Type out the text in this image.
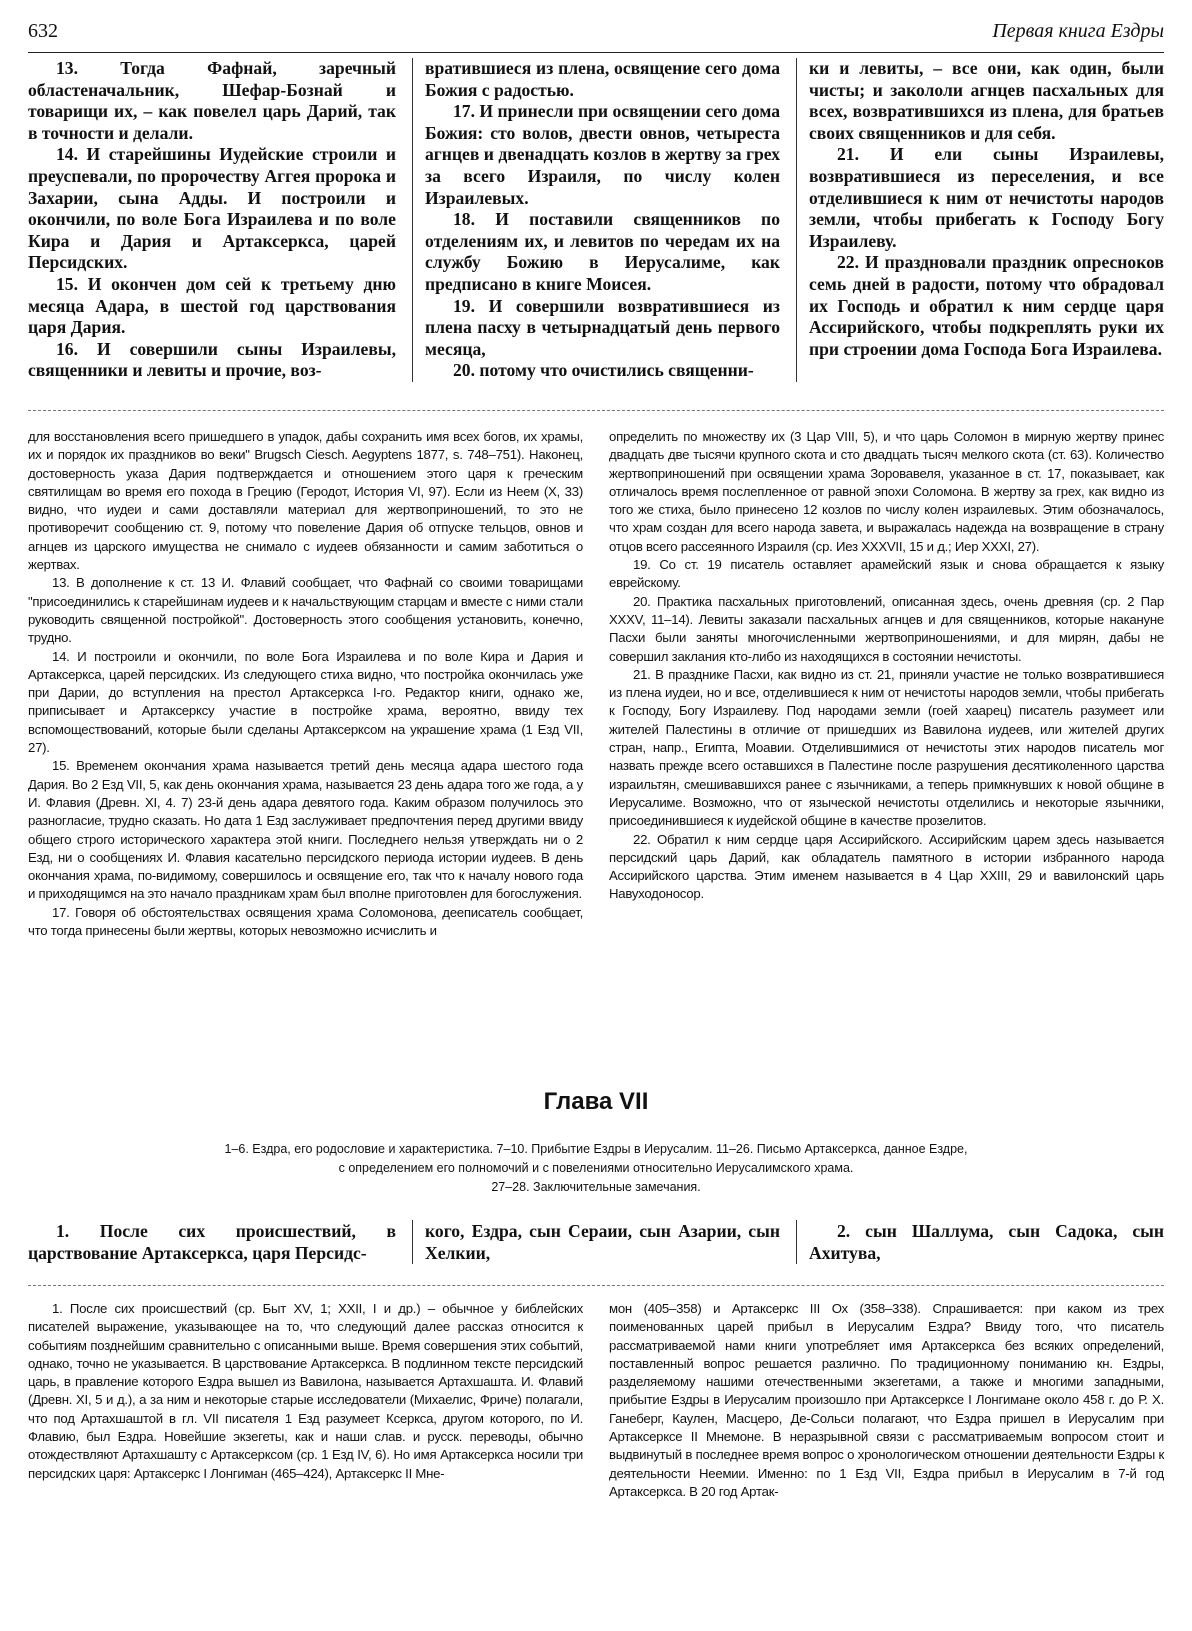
632	Первая книга Ездры

13. Тогда Фафнай, заречный областеначальник, Шефар-Бознай и товарищи их, – как повелел царь Дарий, так в точности и делали.

14. И старейшины Иудейские строили и преуспевали, по пророчеству Аггея пророка и Захарии, сына Адды. И построили и окончили, по воле Бога Израилева и по воле Кира и Дария и Артаксеркса, царей Персидских.

15. И окончен дом сей к третьему дню месяца Адара, в шестой год царствования царя Дария.

16. И совершили сыны Израилевы, священники и левиты и прочие, воз-

вратившиеся из плена, освящение сего дома Божия с радостью.

17. И принесли при освящении сего дома Божия: сто волов, двести овнов, четыреста агнцев и двенадцать козлов в жертву за грех за всего Израиля, по числу колен Израилевых.

18. И поставили священников по отделениям их, и левитов по чередам их на службу Божию в Иерусалиме, как предписано в книге Моисея.

19. И совершили возвратившиеся из плена пасху в четырнадцатый день первого месяца,

20. потому что очистились священни-

ки и левиты, – все они, как один, были чисты; и закололи агнцев пасхальных для всех, возвратившихся из плена, для братьев своих священников и для себя.

21. И ели сыны Израилевы, возвратившиеся из переселения, и все отделившиеся к ним от нечистоты народов земли, чтобы прибегать к Господу Богу Израилеву.

22. И праздновали праздник опресноков семь дней в радости, потому что обрадовал их Господь и обратил к ним сердце царя Ассирийского, чтобы подкреплять руки их при строении дома Господа Бога Израилева.

для восстановления всего пришедшего в упадок, дабы сохранить имя всех богов, их храмы, их и порядок их праздников во веки" Brugsch Ciesch. Aegyptens 1877, s. 748–751). Наконец, достоверность указа Дария подтверждается и отношением этого царя к греческим святилищам во время его похода в Грецию (Геродот, История VI, 97). Если из Неем (X, 33) видно, что иудеи и сами доставляли материал для жертвоприношений, то это не противоречит сообщению ст. 9, потому что повеление Дария об отпуске тельцов, овнов и агнцев из царского имущества не снимало с иудеев обязанности и самим заботиться о жертвах.

13. В дополнение к ст. 13 И. Флавий сообщает, что Фафнай со своими товарищами "присоединились к старейшинам иудеев и к начальствующим старцам и вместе с ними стали руководить священной постройкой". Достоверность этого сообщения установить, конечно, трудно.

14. И построили и окончили, по воле Бога Израилева и по воле Кира и Дария и Артаксеркса, царей персидских. Из следующего стиха видно, что постройка окончилась уже при Дарии, до вступления на престол Артаксеркса I-го. Редактор книги, однако же, приписывает и Артаксерксу участие в постройке храма, вероятно, ввиду тех вспомоществований, которые были сделаны Артаксерксом на украшение храма (1 Езд VII, 27).

15. Временем окончания храма называется третий день месяца адара шестого года Дария. Во 2 Езд VII, 5, как день окончания храма, называется 23 день адара того же года, а у И. Флавия (Древн. XI, 4. 7) 23-й день адара девятого года. Каким образом получилось это разногласие, трудно сказать. Но дата 1 Езд заслуживает предпочтения перед другими ввиду общего строго исторического характера этой книги. Последнего нельзя утверждать ни о 2 Езд, ни о сообщениях И. Флавия касательно персидского периода истории иудеев. В день окончания храма, по-видимому, совершилось и освящение его, так что к началу нового года и приходящимся на это начало праздникам храм был вполне приготовлен для богослужения.

17. Говоря об обстоятельствах освящения храма Соломонова, дееписатель сообщает, что тогда принесены были жертвы, которых невозможно исчислить и

определить по множеству их (3 Цар VIII, 5), и что царь Соломон в мирную жертву принес двадцать две тысячи крупного скота и сто двадцать тысяч мелкого скота (ст. 63). Количество жертвоприношений при освящении храма Зоровавеля, указанное в ст. 17, показывает, как отличалось время послепленное от равной эпохи Соломона. В жертву за грех, как видно из того же стиха, было принесено 12 козлов по числу колен израилевых. Этим обозначалось, что храм создан для всего народа завета, и выражалась надежда на возвращение в страну отцов всего рассеянного Израиля (ср. Иез XXXVII, 15 и д.; Иер XXXI, 27).

19. Со ст. 19 писатель оставляет арамейский язык и снова обращается к языку еврейскому.

20. Практика пасхальных приготовлений, описанная здесь, очень древняя (ср. 2 Пар XXXV, 11–14). Левиты заказали пасхальных агнцев и для священников, которые накануне Пасхи были заняты многочисленными жертвоприношениями, и для мирян, дабы не совершил заклания кто-либо из находящихся в состоянии нечистоты.

21. В празднике Пасхи, как видно из ст. 21, приняли участие не только возвратившиеся из плена иудеи, но и все, отделившиеся к ним от нечистоты народов земли, чтобы прибегать к Господу, Богу Израилеву. Под народами земли (гоей хаарец) писатель разумеет или жителей Палестины в отличие от пришедших из Вавилона иудеев, или жителей других стран, напр., Египта, Моавии. Отделившимися от нечистоты этих народов писатель мог назвать прежде всего оставшихся в Палестине после разрушения десятиколенного царства израильтян, смешивавшихся ранее с язычниками, а теперь примкнувших к новой общине в Иерусалиме. Возможно, что от языческой нечистоты отделились и некоторые язычники, присоединившиеся к иудейской общине в качестве прозелитов.

22. Обратил к ним сердце царя Ассирийского. Ассирийским царем здесь называется персидский царь Дарий, как обладатель памятного в истории избранного народа Ассирийского царства. Этим именем называется в 4 Цар XXIII, 29 и вавилонский царь Навуходоносор.

Глава VII
1–6. Ездра, его родословие и характеристика. 7–10. Прибытие Ездры в Иерусалим. 11–26. Письмо Артаксеркса, данное Ездре,
с определением его полномочий и с повелениями относительно Иерусалимского храма.
27–28. Заключительные замечания.

1. После сих происшествий, в царствование Артаксеркса, царя Персидс-

кого, Ездра, сын Сераии, сын Азарии, сын Хелкии,

2. сын Шаллума, сын Садока, сын Ахитува,

1. После сих происшествий (ср. Быт XV, 1; XXII, I и др.) – обычное у библейских писателей выражение, указывающее на то, что следующий далее рассказ относится к событиям позднейшим сравнительно с описанными выше. Время совершения этих событий, однако, точно не указывается. В царствование Артаксеркса. В подлинном тексте персидский царь, в правление которого Ездра вышел из Вавилона, называется Артахшашта. И. Флавий (Древн. XI, 5 и д.), а за ним и некоторые старые исследователи (Михаелис, Фриче) полагали, что под Артахшаштой в гл. VII писателя 1 Езд разумеет Ксеркса, другом которого, по И. Флавию, был Ездра. Новейшие экзегеты, как и наши слав. и русск. переводы, обычно отождествляют Артахшашту с Артаксерксом (ср. 1 Езд IV, 6). Но имя Артаксеркса носили три персидских царя: Артаксеркс I Лонгиман (465–424), Артаксеркс II Мне-

мон (405–358) и Артаксеркс III Ох (358–338). Спрашивается: при каком из трех поименованных царей прибыл в Иерусалим Ездра? Ввиду того, что писатель рассматриваемой нами книги употребляет имя Артаксеркса без всяких определений, поставленный вопрос решается различно. По традиционному пониманию кн. Ездры, разделяемому нашими отечественными экзегетами, а также и многими западными, прибытие Ездры в Иерусалим произошло при Артаксерксе I Лонгимане около 458 г. до Р. Х. Ганеберг, Каулен, Масцеро, Де-Сольси полагают, что Ездра пришел в Иерусалим при Артаксерксе II Мнемоне. В неразрывной связи с рассматриваемым вопросом стоит и выдвинутый в последнее время вопрос о хронологическом отношении деятельности Ездры к деятельности Неемии. Именно: по 1 Езд VII, Ездра прибыл в Иерусалим в 7-й год Артаксеркса. В 20 год Артак-
